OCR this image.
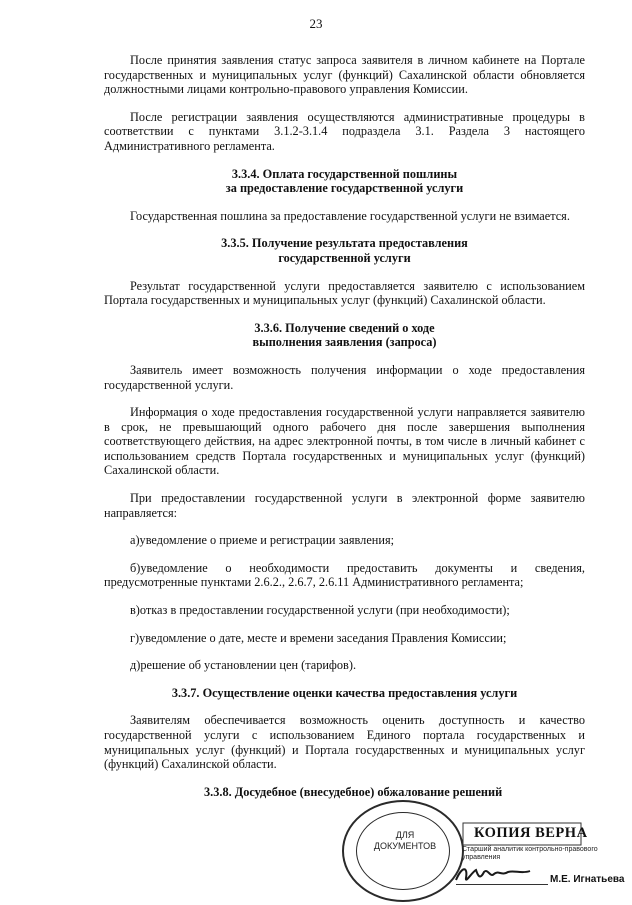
23

После принятия заявления статус запроса заявителя в личном кабинете на Портале государственных и муниципальных услуг (функций) Сахалинской области обновляется должностными лицами контрольно-правового управления Комиссии.

После регистрации заявления осуществляются административные процедуры в соответствии с пунктами 3.1.2-3.1.4 подраздела 3.1. Раздела 3 настоящего Административного регламента.

3.3.4. Оплата государственной пошлины
за предоставление государственной услуги

Государственная пошлина за предоставление государственной услуги не взимается.

3.3.5. Получение результата предоставления
государственной услуги

Результат государственной услуги предоставляется заявителю с использованием Портала государственных и муниципальных услуг (функций) Сахалинской области.

3.3.6. Получение сведений о ходе
выполнения заявления (запроса)

Заявитель имеет возможность получения информации о ходе предоставления государственной услуги.

Информация о ходе предоставления государственной услуги направляется заявителю в срок, не превышающий одного рабочего дня после завершения выполнения соответствующего действия, на адрес электронной почты, в том числе в личный кабинет с использованием средств Портала государственных и муниципальных услуг (функций) Сахалинской области.

При предоставлении государственной услуги в электронной форме заявителю направляется:

а)уведомление о приеме и регистрации заявления;

б)уведомление о необходимости предоставить документы и сведения, предусмотренные пунктами 2.6.2., 2.6.7, 2.6.11 Административного регламента;

в)отказ в предоставлении государственной услуги (при необходимости);

г)уведомление о дате, месте и времени заседания Правления Комиссии;

д)решение об установлении цен (тарифов).

3.3.7. Осуществление оценки качества предоставления услуги

Заявителям обеспечивается возможность оценить доступность и качество государственной услуги с использованием Единого портала государственных и муниципальных услуг (функций) и Портала государственных и муниципальных услуг (функций) Сахалинской области.

3.3.8. Досудебное (внесудебное) обжалование решений
ДЛЯ
ДОКУМЕНТОВ
КОПИЯ ВЕРНА
Старший аналитик контрольно-правового управления
М.Е. Игнатьева
